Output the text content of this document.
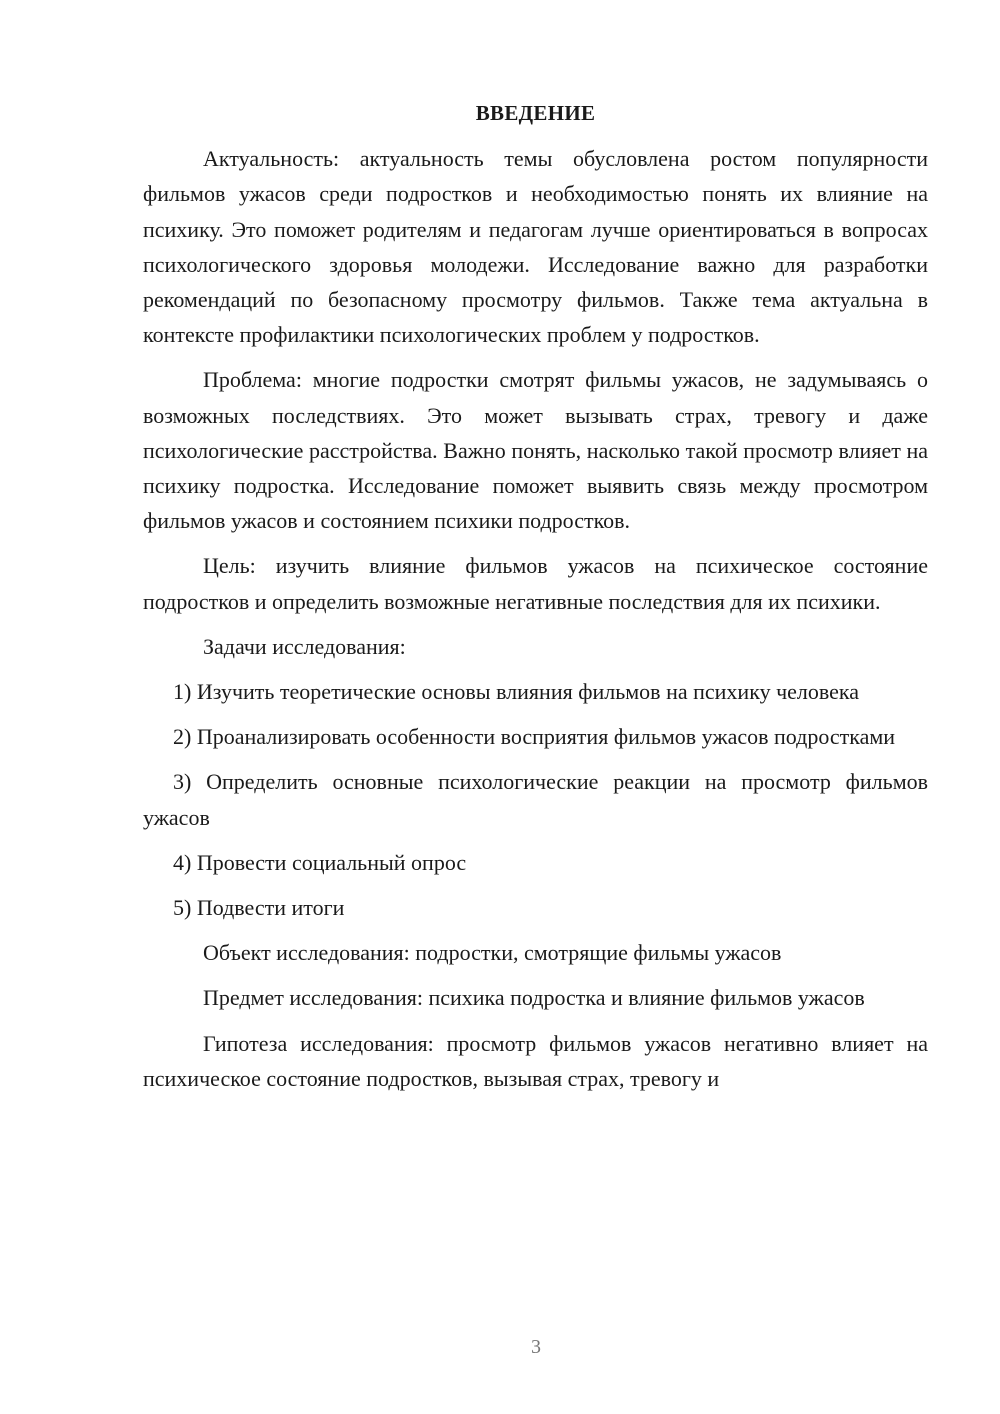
ВВЕДЕНИЕ

Актуальность: актуальность темы обусловлена ростом популярности фильмов ужасов среди подростков и необходимостью понять их влияние на психику. Это поможет родителям и педагогам лучше ориентироваться в вопросах психологического здоровья молодежи. Исследование важно для разработки рекомендаций по безопасному просмотру фильмов. Также тема актуальна в контексте профилактики психологических проблем у подростков.

Проблема: многие подростки смотрят фильмы ужасов, не задумываясь о возможных последствиях. Это может вызывать страх, тревогу и даже психологические расстройства. Важно понять, насколько такой просмотр влияет на психику подростка. Исследование поможет выявить связь между просмотром фильмов ужасов и состоянием психики подростков.

Цель: изучить влияние фильмов ужасов на психическое состояние подростков и определить возможные негативные последствия для их психики.

Задачи исследования:

1) Изучить теоретические основы влияния фильмов на психику человека

2) Проанализировать особенности восприятия фильмов ужасов подростками

3) Определить основные психологические реакции на просмотр фильмов ужасов

4) Провести социальный опрос

5) Подвести итоги

Объект исследования: подростки, смотрящие фильмы ужасов

Предмет исследования: психика подростка и влияние фильмов ужасов

Гипотеза исследования: просмотр фильмов ужасов негативно влияет на психическое состояние подростков, вызывая страх, тревогу и

3
